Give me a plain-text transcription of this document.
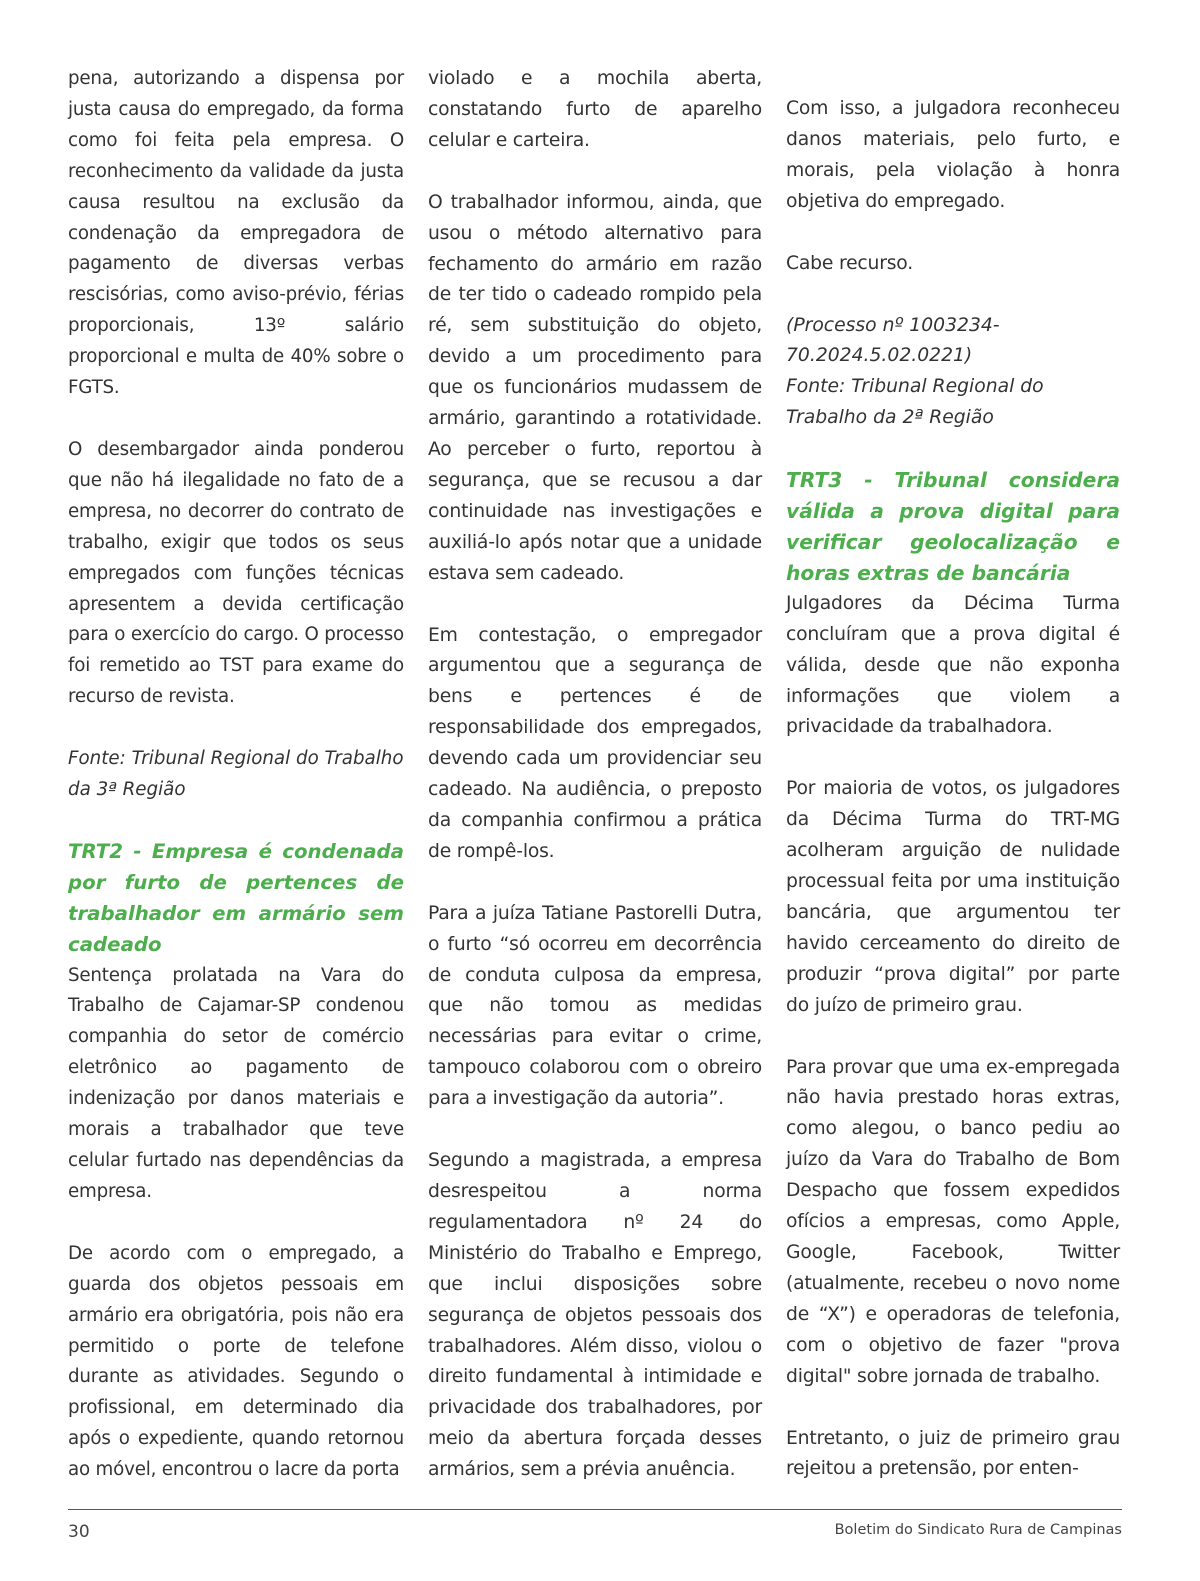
pena, autorizando a dispensa por justa causa do empregado, da forma como foi feita pela empresa. O reconhecimento da validade da justa causa resultou na exclusão da condenação da empregadora de pagamento de diversas verbas rescisórias, como aviso-prévio, férias proporcionais, 13º salário proporcional e multa de 40% sobre o FGTS.

O desembargador ainda ponderou que não há ilegalidade no fato de a empresa, no decorrer do contrato de trabalho, exigir que todos os seus empregados com funções técnicas apresentem a devida certificação para o exercício do cargo. O processo foi remetido ao TST para exame do recurso de revista.

Fonte: Tribunal Regional do Trabalho da 3ª Região

TRT2 - Empresa é condenada por furto de pertences de trabalhador em armário sem cadeado

Sentença prolatada na Vara do Trabalho de Cajamar-SP condenou companhia do setor de comércio eletrônico ao pagamento de indenização por danos materiais e morais a trabalhador que teve celular furtado nas dependências da empresa.

De acordo com o empregado, a guarda dos objetos pessoais em armário era obrigatória, pois não era permitido o porte de telefone durante as atividades. Segundo o profissional, em determinado dia após o expediente, quando retornou ao móvel, encontrou o lacre da porta

violado e a mochila aberta, constatando furto de aparelho celular e carteira.

O trabalhador informou, ainda, que usou o método alternativo para fechamento do armário em razão de ter tido o cadeado rompido pela ré, sem substituição do objeto, devido a um procedimento para que os funcionários mudassem de armário, garantindo a rotatividade. Ao perceber o furto, reportou à segurança, que se recusou a dar continuidade nas investigações e auxiliá-lo após notar que a unidade estava sem cadeado.

Em contestação, o empregador argumentou que a segurança de bens e pertences é de responsabilidade dos empregados, devendo cada um providenciar seu cadeado. Na audiência, o preposto da companhia confirmou a prática de rompê-los.

Para a juíza Tatiane Pastorelli Dutra, o furto “só ocorreu em decorrência de conduta culposa da empresa, que não tomou as medidas necessárias para evitar o crime, tampouco colaborou com o obreiro para a investigação da autoria”.

Segundo a magistrada, a empresa desrespeitou a norma regulamentadora nº 24 do Ministério do Trabalho e Emprego, que inclui disposições sobre segurança de objetos pessoais dos trabalhadores. Além disso, violou o direito fundamental à intimidade e privacidade dos trabalhadores, por meio da abertura forçada desses armários, sem a prévia anuência.

Com isso, a julgadora reconheceu danos materiais, pelo furto, e morais, pela violação à honra objetiva do empregado.

Cabe recurso.

(Processo nº 1003234-70.2024.5.02.0221)

Fonte: Tribunal Regional do Trabalho da 2ª Região

TRT3 - Tribunal considera válida a prova digital para verificar geolocalização e horas extras de bancária

Julgadores da Décima Turma concluíram que a prova digital é válida, desde que não exponha informações que violem a privacidade da trabalhadora.

Por maioria de votos, os julgadores da Décima Turma do TRT-MG acolheram arguição de nulidade processual feita por uma instituição bancária, que argumentou ter havido cerceamento do direito de produzir “prova digital” por parte do juízo de primeiro grau.

Para provar que uma ex-empregada não havia prestado horas extras, como alegou, o banco pediu ao juízo da Vara do Trabalho de Bom Despacho que fossem expedidos ofícios a empresas, como Apple, Google, Facebook, Twitter (atualmente, recebeu o novo nome de “X”) e operadoras de telefonia, com o objetivo de fazer "prova digital" sobre jornada de trabalho.

Entretanto, o juiz de primeiro grau rejeitou a pretensão, por enten-

30	Boletim do Sindicato Rura de Campinas
